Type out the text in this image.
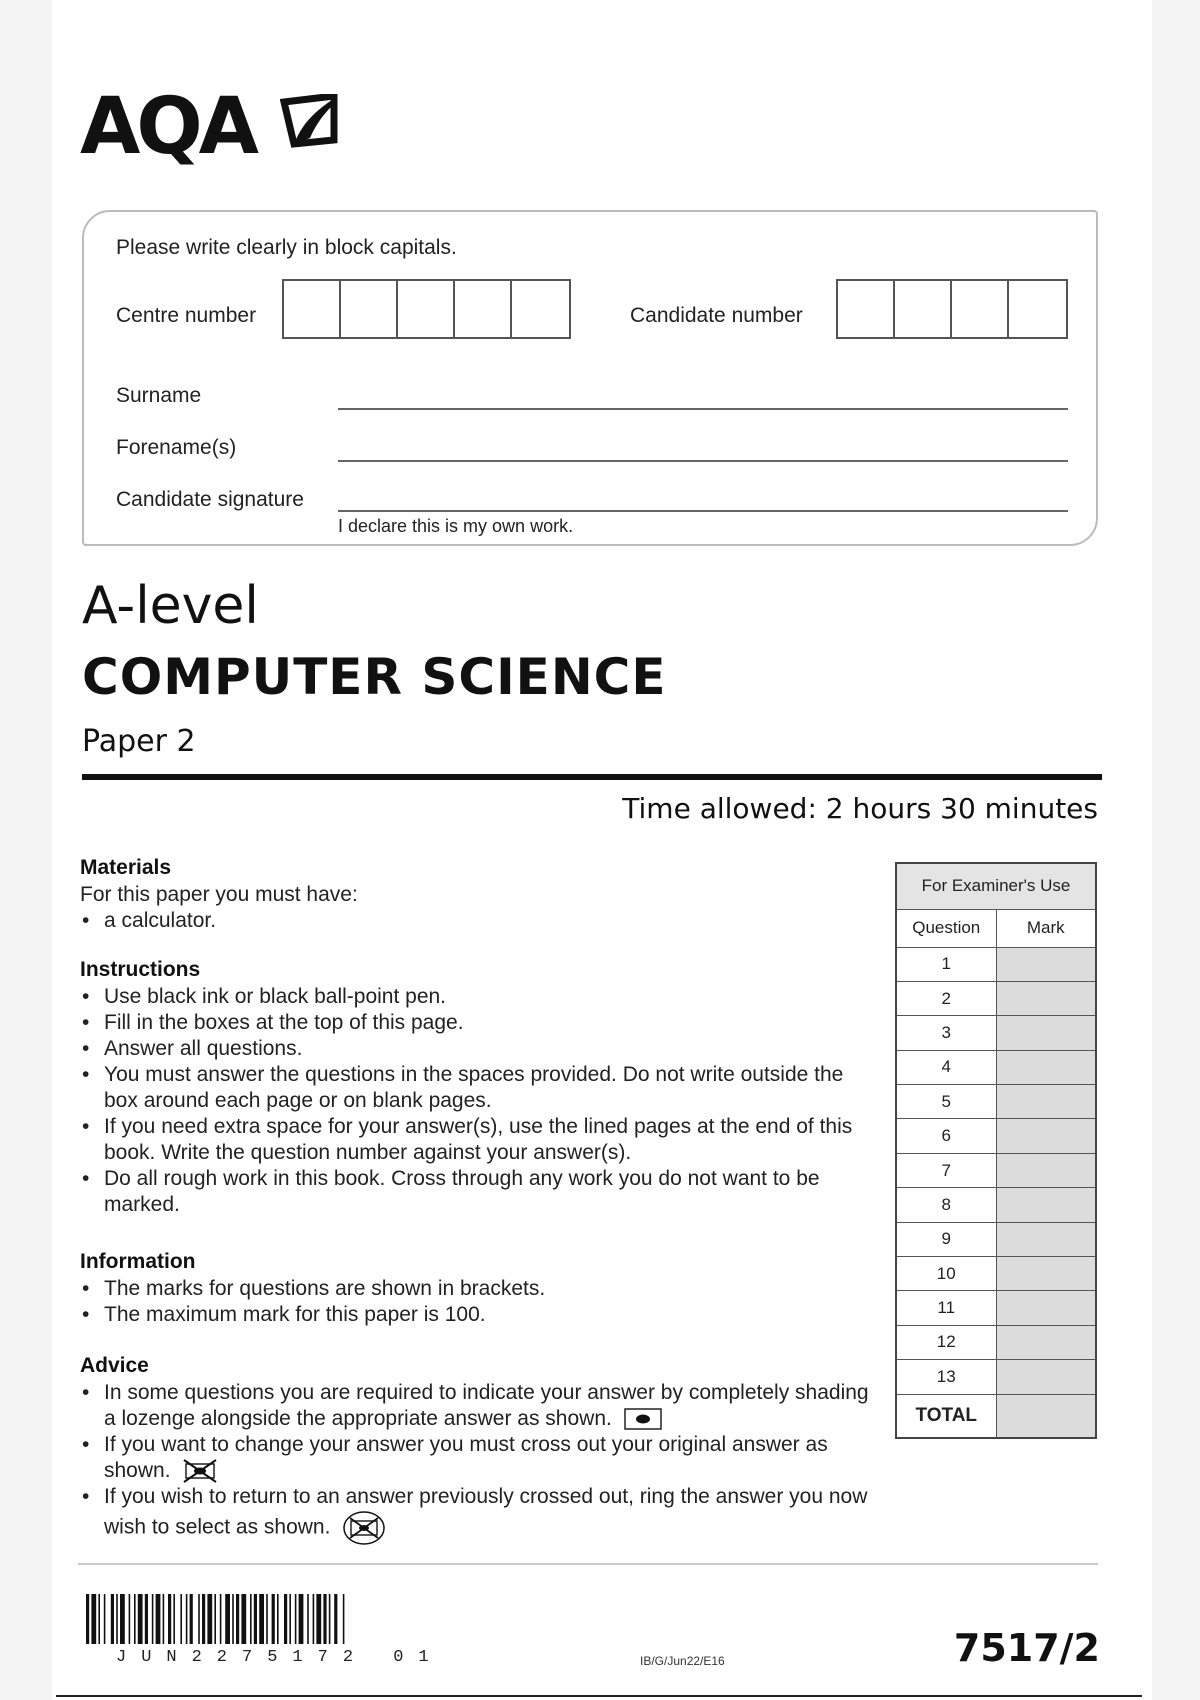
AQA
Please write clearly in block capitals.
Centre number	Candidate number
Surname
Forename(s)
Candidate signature
I declare this is my own work.
A-level
COMPUTER SCIENCE
Paper 2
Time allowed: 2 hours 30 minutes
Materials
For this paper you must have:
• a calculator.
Instructions
• Use black ink or black ball-point pen.
• Fill in the boxes at the top of this page.
• Answer all questions.
• You must answer the questions in the spaces provided. Do not write outside the box around each page or on blank pages.
• If you need extra space for your answer(s), use the lined pages at the end of this book. Write the question number against your answer(s).
• Do all rough work in this book. Cross through any work you do not want to be marked.
Information
• The marks for questions are shown in brackets.
• The maximum mark for this paper is 100.
Advice
• In some questions you are required to indicate your answer by completely shading a lozenge alongside the appropriate answer as shown.
• If you want to change your answer you must cross out your original answer as shown.
• If you wish to return to an answer previously crossed out, ring the answer you now wish to select as shown.
For Examiner's Use	
Question	Mark
1	
2	
3	
4	
5	
6	
7	
8	
9	
10	
11	
12	
13	
TOTAL	
JUN2275172 01	IB/G/Jun22/E16	7517/2
